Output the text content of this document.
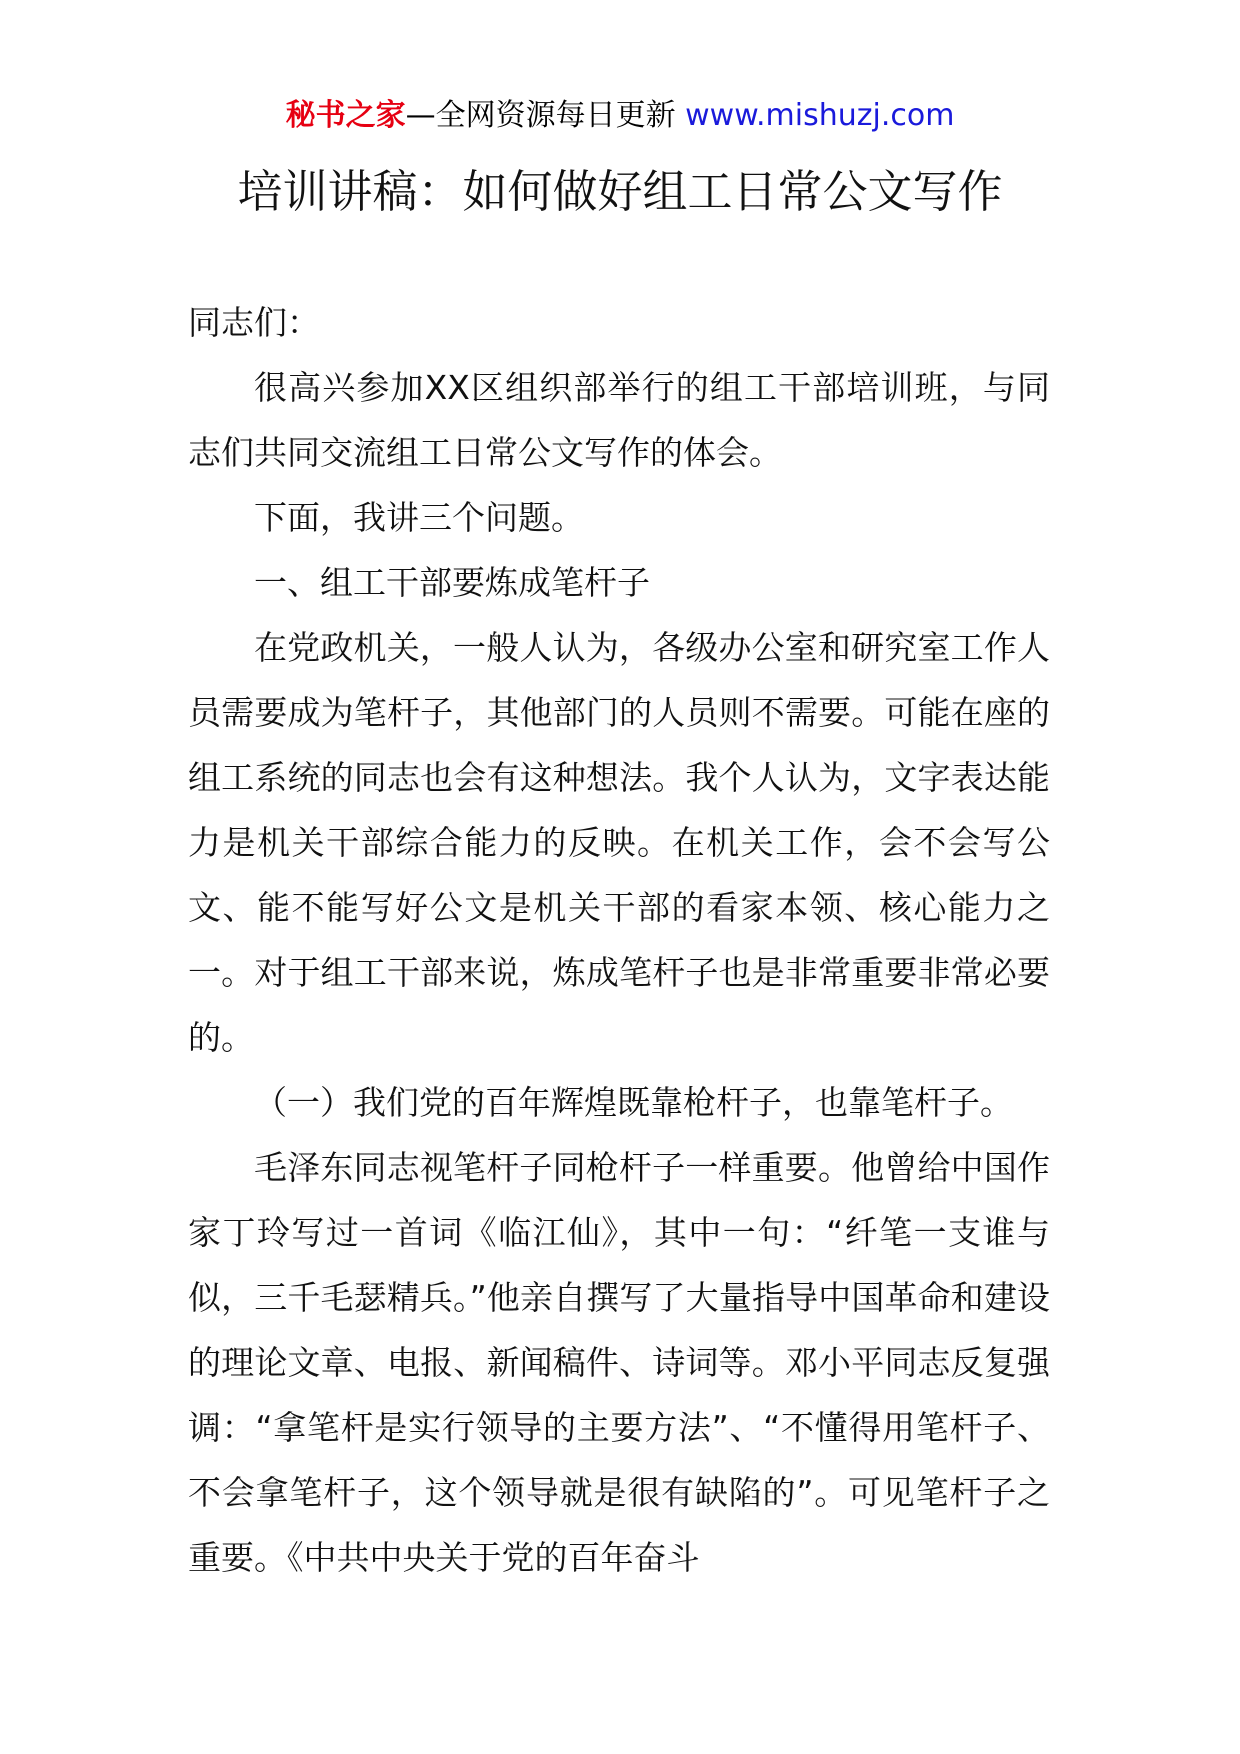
秘书之家—全网资源每日更新 www.mishuzj.com
培训讲稿：如何做好组工日常公文写作

同志们：

很高兴参加XX区组织部举行的组工干部培训班，与同志们共同交流组工日常公文写作的体会。

下面，我讲三个问题。

一、组工干部要炼成笔杆子

在党政机关，一般人认为，各级办公室和研究室工作人员需要成为笔杆子，其他部门的人员则不需要。可能在座的组工系统的同志也会有这种想法。我个人认为，文字表达能力是机关干部综合能力的反映。在机关工作，会不会写公文、能不能写好公文是机关干部的看家本领、核心能力之一。对于组工干部来说，炼成笔杆子也是非常重要非常必要的。

（一）我们党的百年辉煌既靠枪杆子，也靠笔杆子。

毛泽东同志视笔杆子同枪杆子一样重要。他曾给中国作家丁玲写过一首词《临江仙》，其中一句：“纤笔一支谁与似，三千毛瑟精兵。”他亲自撰写了大量指导中国革命和建设的理论文章、电报、新闻稿件、诗词等。邓小平同志反复强调：“拿笔杆是实行领导的主要方法”、“不懂得用笔杆子、不会拿笔杆子，这个领导就是很有缺陷的”。可见笔杆子之重要。《中共中央关于党的百年奋斗
